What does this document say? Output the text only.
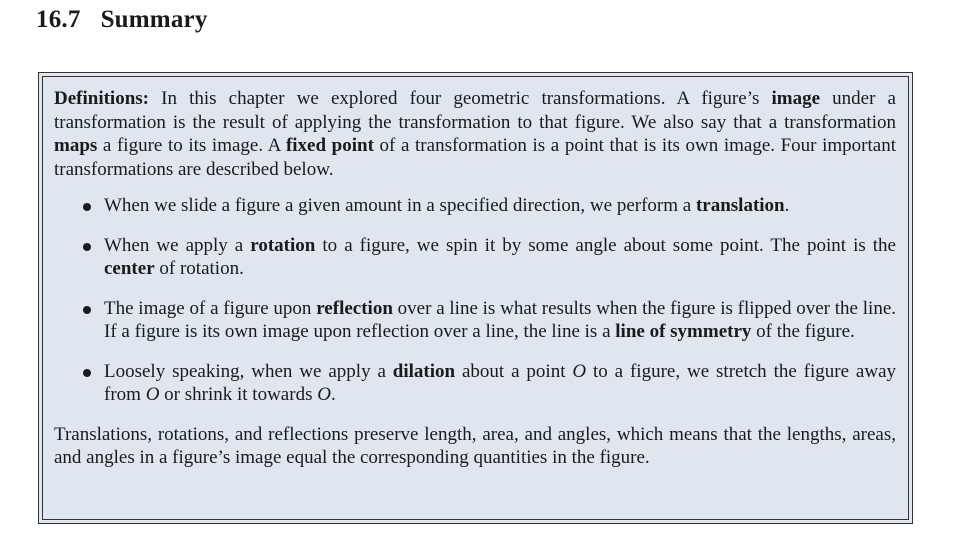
16.7 Summary

Definitions: In this chapter we explored four geometric transformations. A figure’s image under a transformation is the result of applying the transformation to that figure. We also say that a transformation maps a figure to its image. A fixed point of a transformation is a point that is its own image. Four important transformations are described below.

When we slide a figure a given amount in a specified direction, we perform a translation.
When we apply a rotation to a figure, we spin it by some angle about some point. The point is the center of rotation.
The image of a figure upon reflection over a line is what results when the figure is flipped over the line. If a figure is its own image upon reflection over a line, the line is a line of symmetry of the figure.
Loosely speaking, when we apply a dilation about a point O to a figure, we stretch the figure away from O or shrink it towards O.

Translations, rotations, and reflections preserve length, area, and angles, which means that the lengths, areas, and angles in a figure’s image equal the corresponding quantities in the figure.
